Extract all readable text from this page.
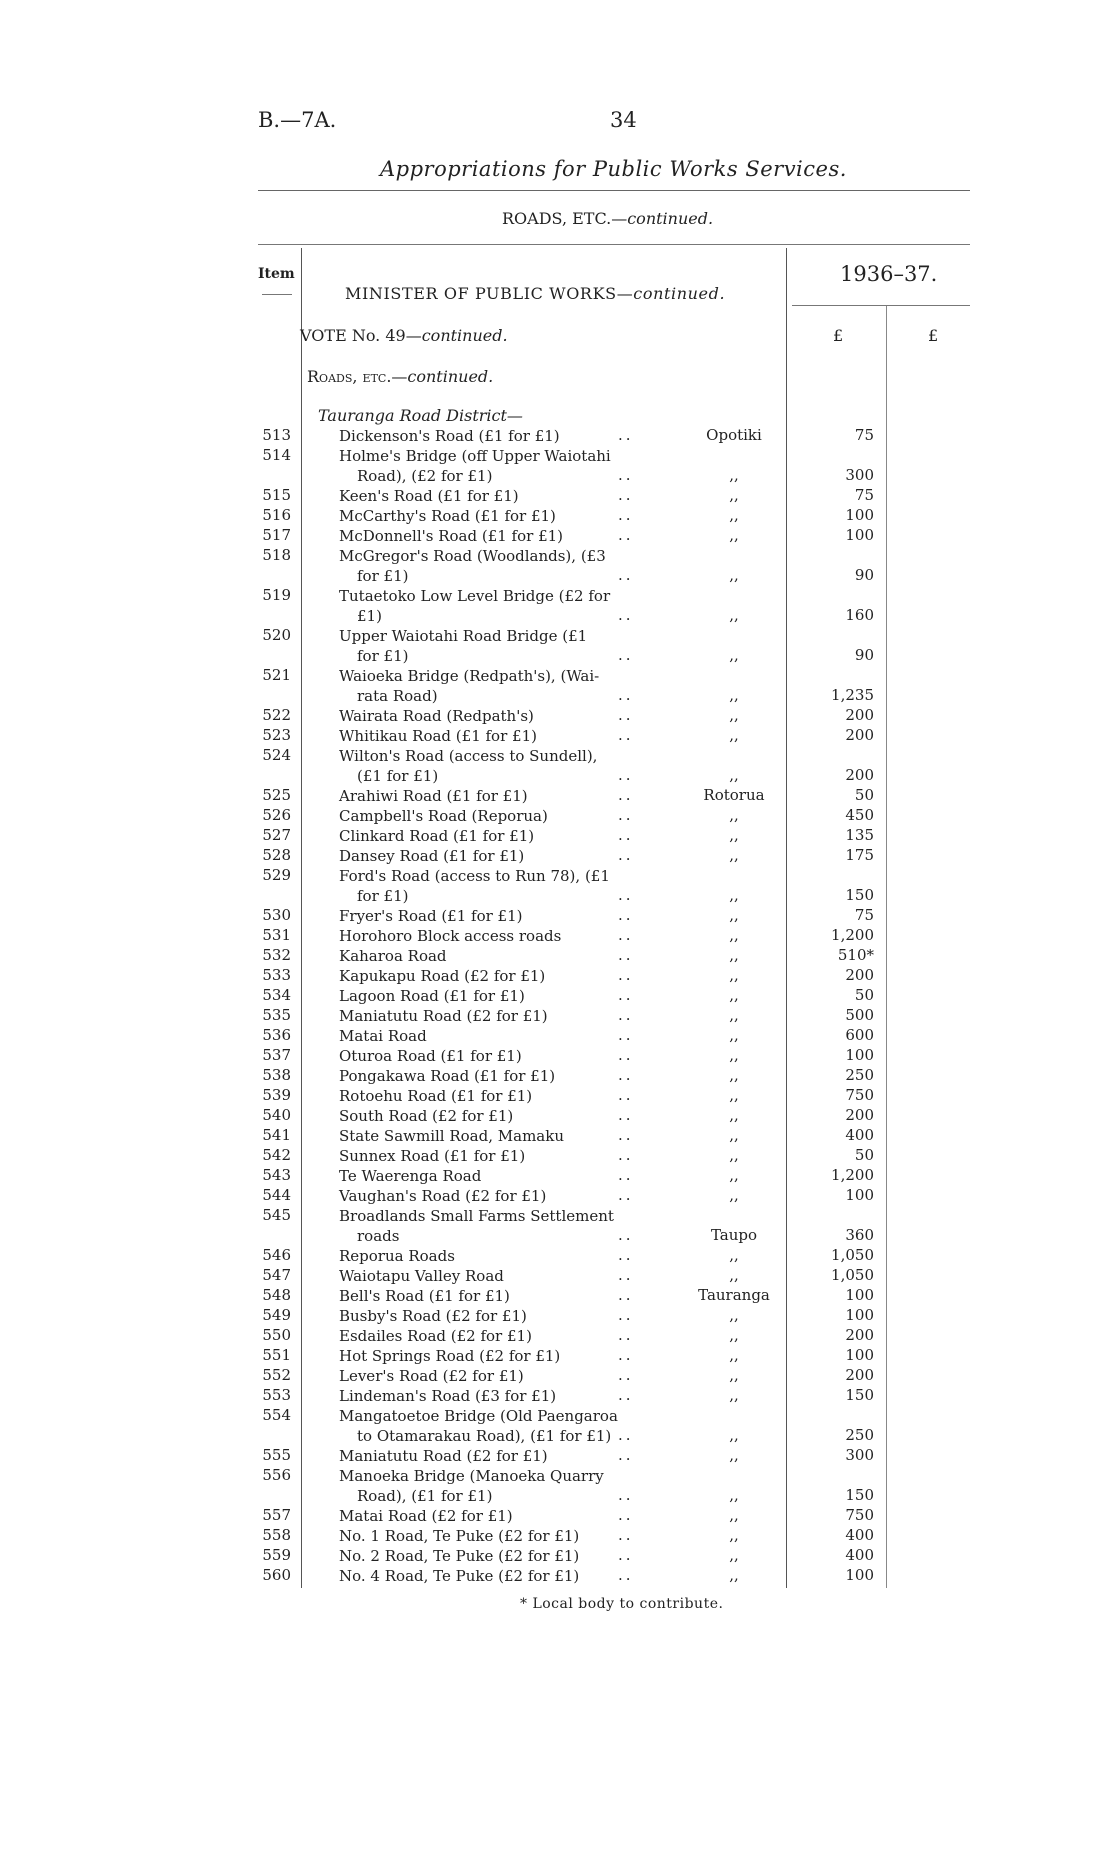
B.—7A.	34
Appropriations for Public Works Services.
ROADS, ETC.—continued.
Item
MINISTER OF PUBLIC WORKS—continued.
1936–37.
VOTE No. 49—continued.	£	£
Roads, etc.—continued.
Tauranga Road District—
513	Dickenson's Road (£1 for £1)	..	Opotiki	75
514	Holme's Bridge (off Upper Waiotahi
Road), (£2 for £1)	..	,,	300
515	Keen's Road (£1 for £1)	..	,,	75
516	McCarthy's Road (£1 for £1)	..	,,	100
517	McDonnell's Road (£1 for £1)	..	,,	100
518	McGregor's Road (Woodlands), (£3
for £1)	..	,,	90
519	Tutaetoko Low Level Bridge (£2 for
£1)	..	,,	160
520	Upper Waiotahi Road Bridge (£1
for £1)	..	,,	90
521	Waioeka Bridge (Redpath's), (Wai-
rata Road)	..	,,	1,235
522	Wairata Road (Redpath's)	..	,,	200
523	Whitikau Road (£1 for £1)	..	,,	200
524	Wilton's Road (access to Sundell),
(£1 for £1)	..	,,	200
525	Arahiwi Road (£1 for £1)	..	Rotorua	50
526	Campbell's Road (Reporua)	..	,,	450
527	Clinkard Road (£1 for £1)	..	,,	135
528	Dansey Road (£1 for £1)	..	,,	175
529	Ford's Road (access to Run 78), (£1
for £1)	..	,,	150
530	Fryer's Road (£1 for £1)	..	,,	75
531	Horohoro Block access roads	..	,,	1,200
532	Kaharoa Road	..	,,	510*
533	Kapukapu Road (£2 for £1)	..	,,	200
534	Lagoon Road (£1 for £1)	..	,,	50
535	Maniatutu Road (£2 for £1)	..	,,	500
536	Matai Road	..	,,	600
537	Oturoa Road (£1 for £1)	..	,,	100
538	Pongakawa Road (£1 for £1)	..	,,	250
539	Rotoehu Road (£1 for £1)	..	,,	750
540	South Road (£2 for £1)	..	,,	200
541	State Sawmill Road, Mamaku	..	,,	400
542	Sunnex Road (£1 for £1)	..	,,	50
543	Te Waerenga Road	..	,,	1,200
544	Vaughan's Road (£2 for £1)	..	,,	100
545	Broadlands Small Farms Settlement
roads	..	Taupo	360
546	Reporua Roads	..	,,	1,050
547	Waiotapu Valley Road	..	,,	1,050
548	Bell's Road (£1 for £1)	..	Tauranga	100
549	Busby's Road (£2 for £1)	..	,,	100
550	Esdailes Road (£2 for £1)	..	,,	200
551	Hot Springs Road (£2 for £1)	..	,,	100
552	Lever's Road (£2 for £1)	..	,,	200
553	Lindeman's Road (£3 for £1)	..	,,	150
554	Mangatoetoe Bridge (Old Paengaroa
to Otamarakau Road), (£1 for £1) ..	,,	250
555	Maniatutu Road (£2 for £1)	..	,,	300
556	Manoeka Bridge (Manoeka Quarry
Road), (£1 for £1)	..	,,	150
557	Matai Road (£2 for £1)	..	,,	750
558	No. 1 Road, Te Puke (£2 for £1)	..	,,	400
559	No. 2 Road, Te Puke (£2 for £1)	..	,,	400
560	No. 4 Road, Te Puke (£2 for £1)	..	,,	100
* Local body to contribute.
